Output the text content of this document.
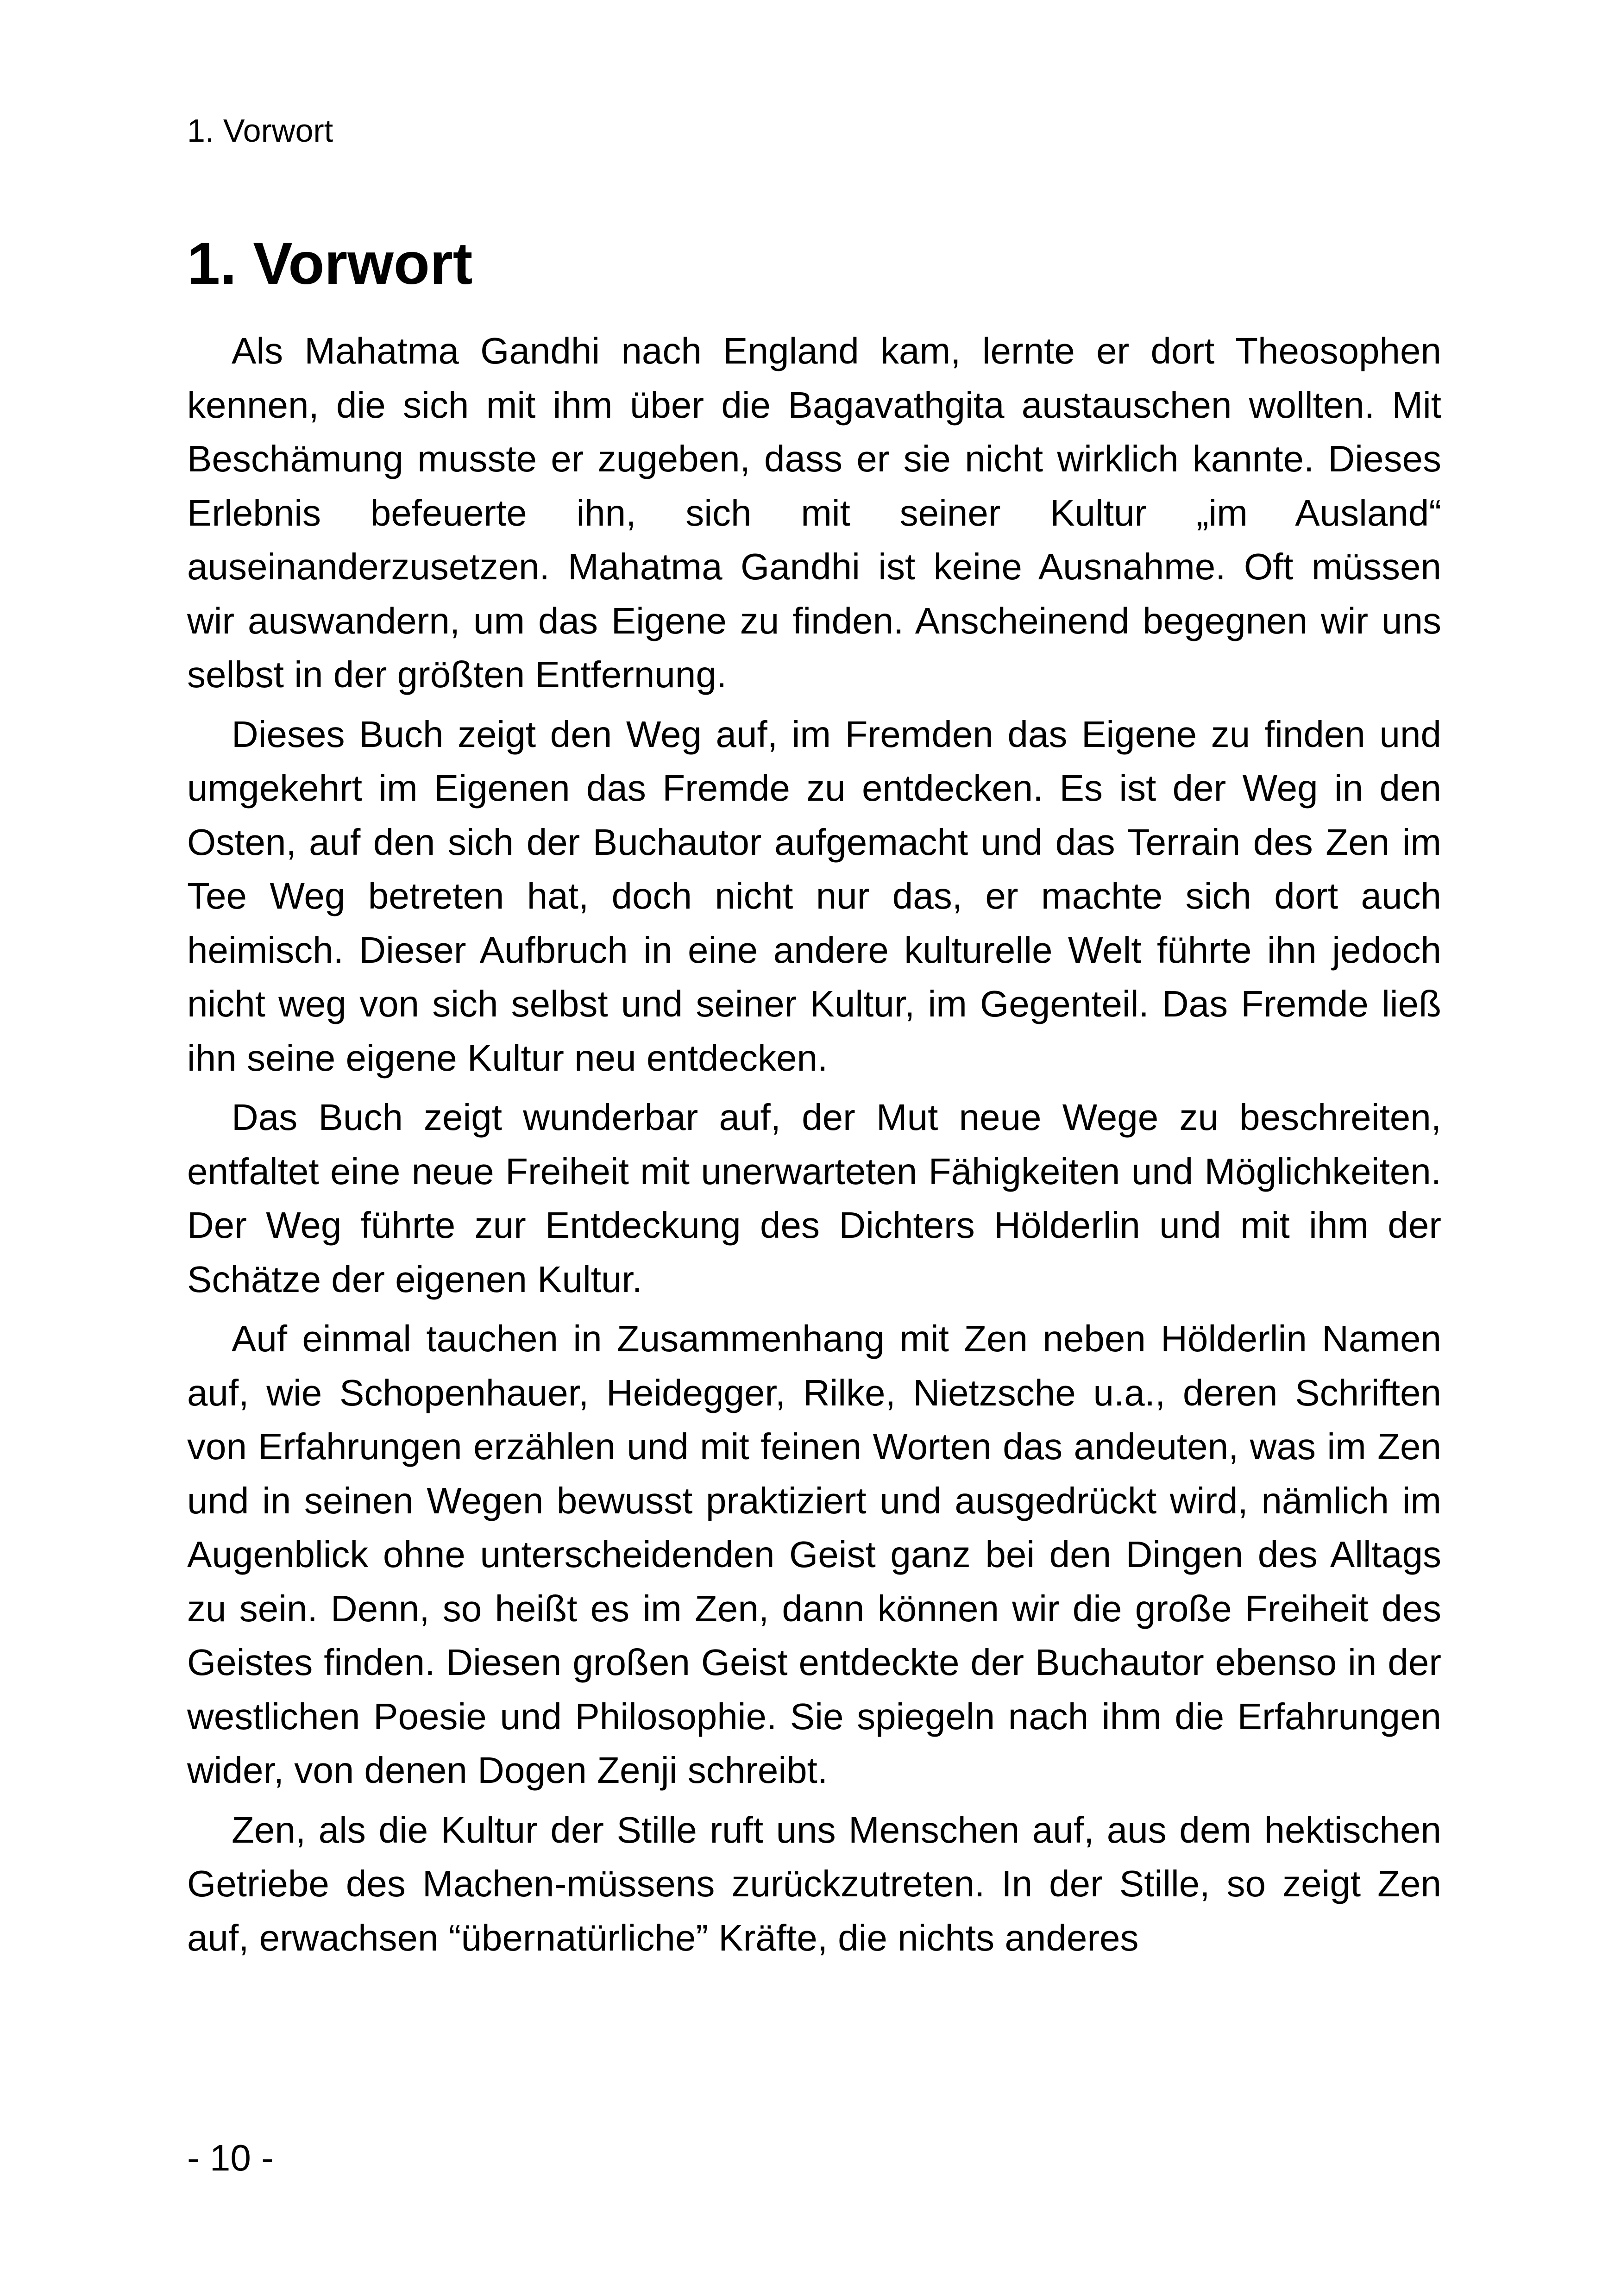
1. Vorwort
1. Vorwort

Als Mahatma Gandhi nach England kam, lernte er dort Theosophen kennen, die sich mit ihm über die Bagavathgita austauschen wollten. Mit Beschämung musste er zugeben, dass er sie nicht wirklich kannte. Dieses Erlebnis befeuerte ihn, sich mit seiner Kultur „im Ausland“ auseinanderzusetzen. Mahatma Gandhi ist keine Ausnahme. Oft müssen wir auswandern, um das Eigene zu finden. Anscheinend begegnen wir uns selbst in der größten Entfernung.

Dieses Buch zeigt den Weg auf, im Fremden das Eigene zu finden und umgekehrt im Eigenen das Fremde zu entdecken. Es ist der Weg in den Osten, auf den sich der Buchautor aufgemacht und das Terrain des Zen im Tee Weg betreten hat, doch nicht nur das, er machte sich dort auch heimisch. Dieser Aufbruch in eine andere kulturelle Welt führte ihn jedoch nicht weg von sich selbst und seiner Kultur, im Gegenteil. Das Fremde ließ ihn seine eigene Kultur neu entdecken.

Das Buch zeigt wunderbar auf, der Mut neue Wege zu beschreiten, entfaltet eine neue Freiheit mit unerwarteten Fähigkeiten und Möglichkeiten. Der Weg führte zur Entdeckung des Dichters Hölderlin und mit ihm der Schätze der eigenen Kultur.

Auf einmal tauchen in Zusammenhang mit Zen neben Hölderlin Namen auf, wie Schopenhauer, Heidegger, Rilke, Nietzsche u.a., deren Schriften von Erfahrungen erzählen und mit feinen Worten das andeuten, was im Zen und in seinen Wegen bewusst praktiziert und ausgedrückt wird, nämlich im Augenblick ohne unterscheidenden Geist ganz bei den Dingen des Alltags zu sein. Denn, so heißt es im Zen, dann können wir die große Freiheit des Geistes finden. Diesen großen Geist entdeckte der Buchautor ebenso in der westlichen Poesie und Philosophie. Sie spiegeln nach ihm die Erfahrungen wider, von denen Dogen Zenji schreibt.

Zen, als die Kultur der Stille ruft uns Menschen auf, aus dem hektischen Getriebe des Machen-müssens zurückzutreten. In der Stille, so zeigt Zen auf, erwachsen “übernatürliche” Kräfte, die nichts anderes

- 10 -
